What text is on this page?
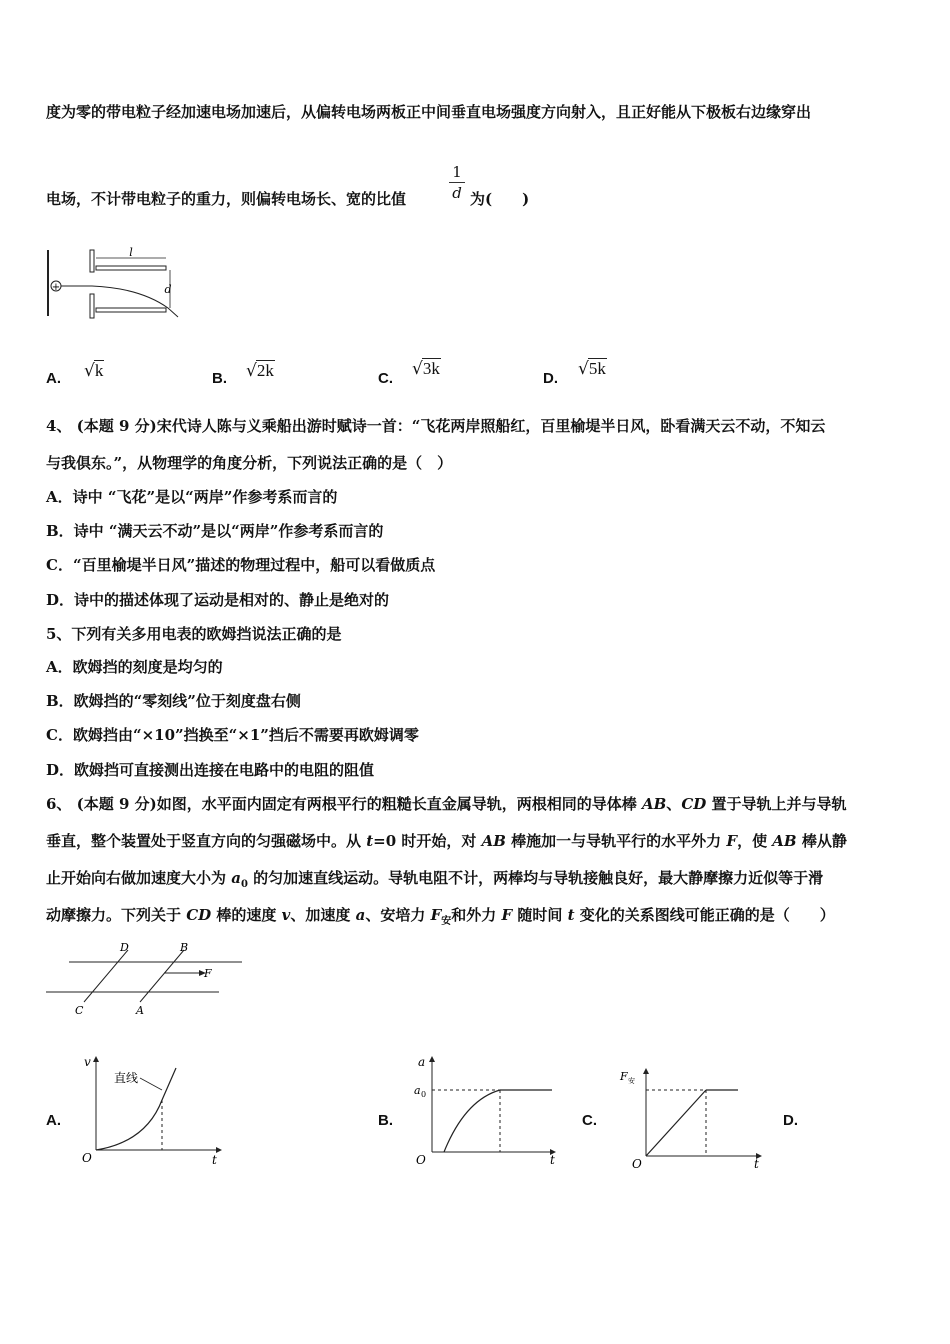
度为零的带电粒子经加速电场加速后，从偏转电场两板正中间垂直电场强度方向射入，且正好能从下极板右边缘穿出
电场，不计带电粒子的重力，则偏转电场长、宽的比值
1
d 为(　　)
+
l
d
A. √k	B. √2k	C. √3k
D. √5k
4、 (本题 9 分)宋代诗人陈与义乘船出游时赋诗一首：“飞花两岸照船红，百里榆堤半日风，卧看满天云不动，不知云
与我俱东。”，从物理学的角度分析，下列说法正确的是（　）
A．诗中 “飞花”是以“两岸”作参考系而言的
B．诗中 “满天云不动”是以“两岸”作参考系而言的
C．“百里榆堤半日风”描述的物理过程中，船可以看做质点
D．诗中的描述体现了运动是相对的、静止是绝对的
5、下列有关多用电表的欧姆挡说法正确的是
A．欧姆挡的刻度是均匀的
B．欧姆挡的“零刻线”位于刻度盘右侧
C．欧姆挡由“×10”挡换至“×1”挡后不需要再欧姆调零
D．欧姆挡可直接测出连接在电路中的电阻的阻值
6、 (本题 9 分)如图，水平面内固定有两根平行的粗糙长直金属导轨，两根相同的导体棒 AB、CD 置于导轨上并与导轨
垂直，整个装置处于竖直方向的匀强磁场中。从 t=0 时开始，对 AB 棒施加一与导轨平行的水平外力 F，使 AB 棒从静
止开始向右做加速度大小为 $a_0$ 的匀加速直线运动。导轨电阻不计，两棒均与导轨接触良好，最大静摩擦力近似等于滑
动摩擦力。下列关于 CD 棒的速度 v、加速度 a、安培力 $F_安$和外力 F 随时间 t 变化的关系图线可能正确的是（　　）
D	B
C	A
F
A.
v
t
O
直线
B.
a
a 0
t
O
C.
F 安
t
O
D.
